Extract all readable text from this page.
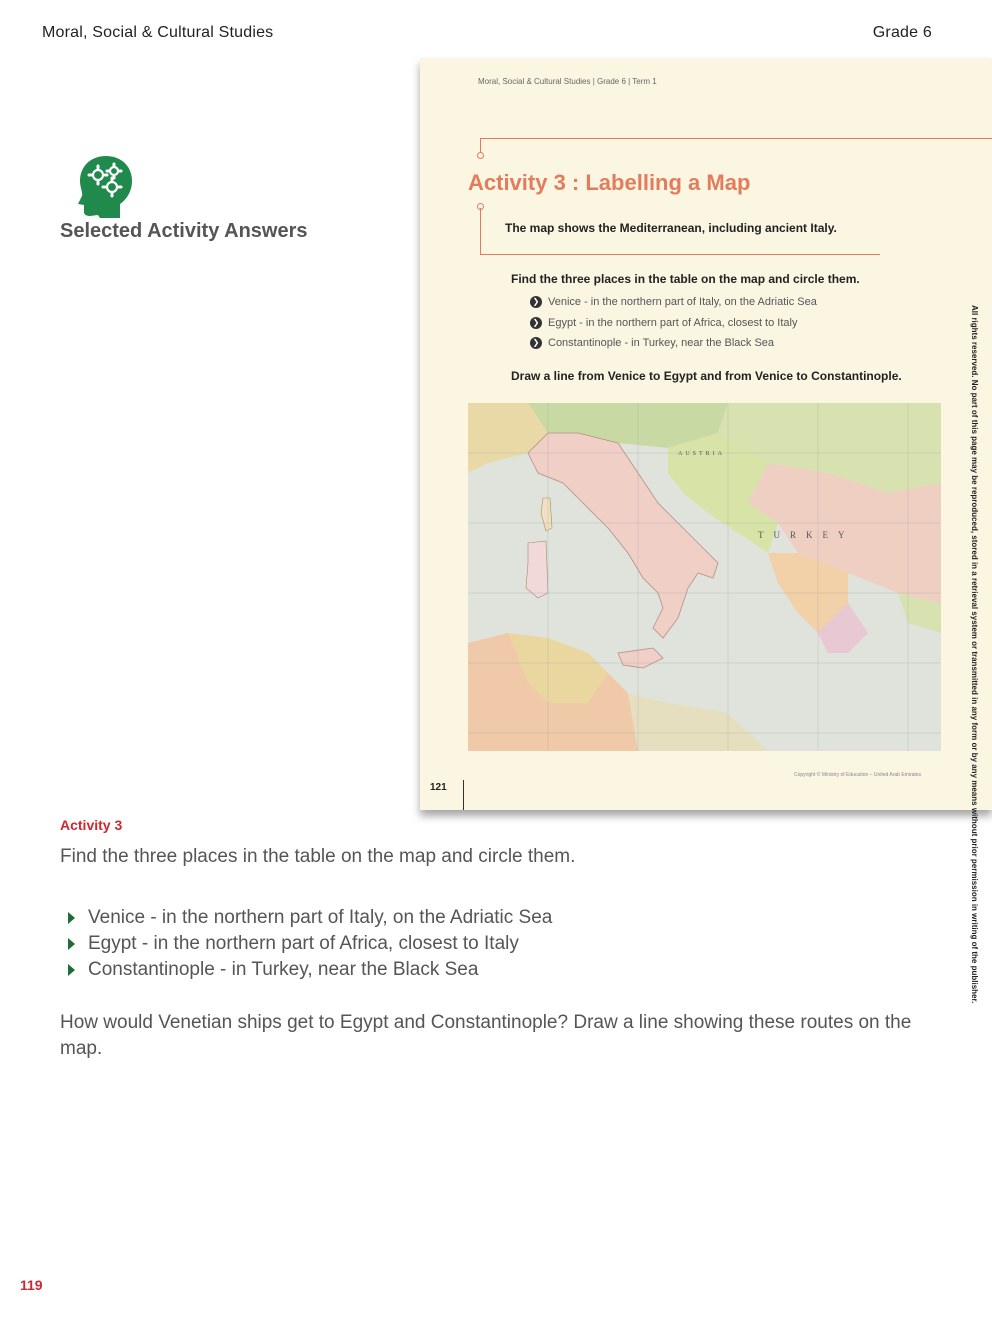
Moral, Social & Cultural Studies	Grade 6
Selected Activity Answers
Moral, Social & Cultural Studies | Grade 6 | Term 1
Activity 3 : Labelling a Map
The map shows the Mediterranean, including ancient Italy.
Find the three places in the table on the map and circle them.
❯ Venice - in the northern part of Italy, on the Adriatic Sea
❯ Egypt - in the northern part of Africa, closest to Italy
❯ Constantinople - in Turkey, near the Black Sea
Draw a line from Venice to Egypt and from Venice to Constantinople.
AUSTRIA
TURKEY
Copyright © Ministry of Education – United Arab Emirates
121	All rights reserved. No part of this page may be reproduced, stored in a retrieval system or transmitted in any form or by any means without prior permission in writing of the publisher.
Activity 3
Find the three places in the table on the map and circle them.
Venice - in the northern part of Italy, on the Adriatic Sea
Egypt - in the northern part of Africa, closest to Italy
Constantinople - in Turkey, near the Black Sea
How would Venetian ships get to Egypt and Constantinople? Draw a line showing these routes on the map.
119
